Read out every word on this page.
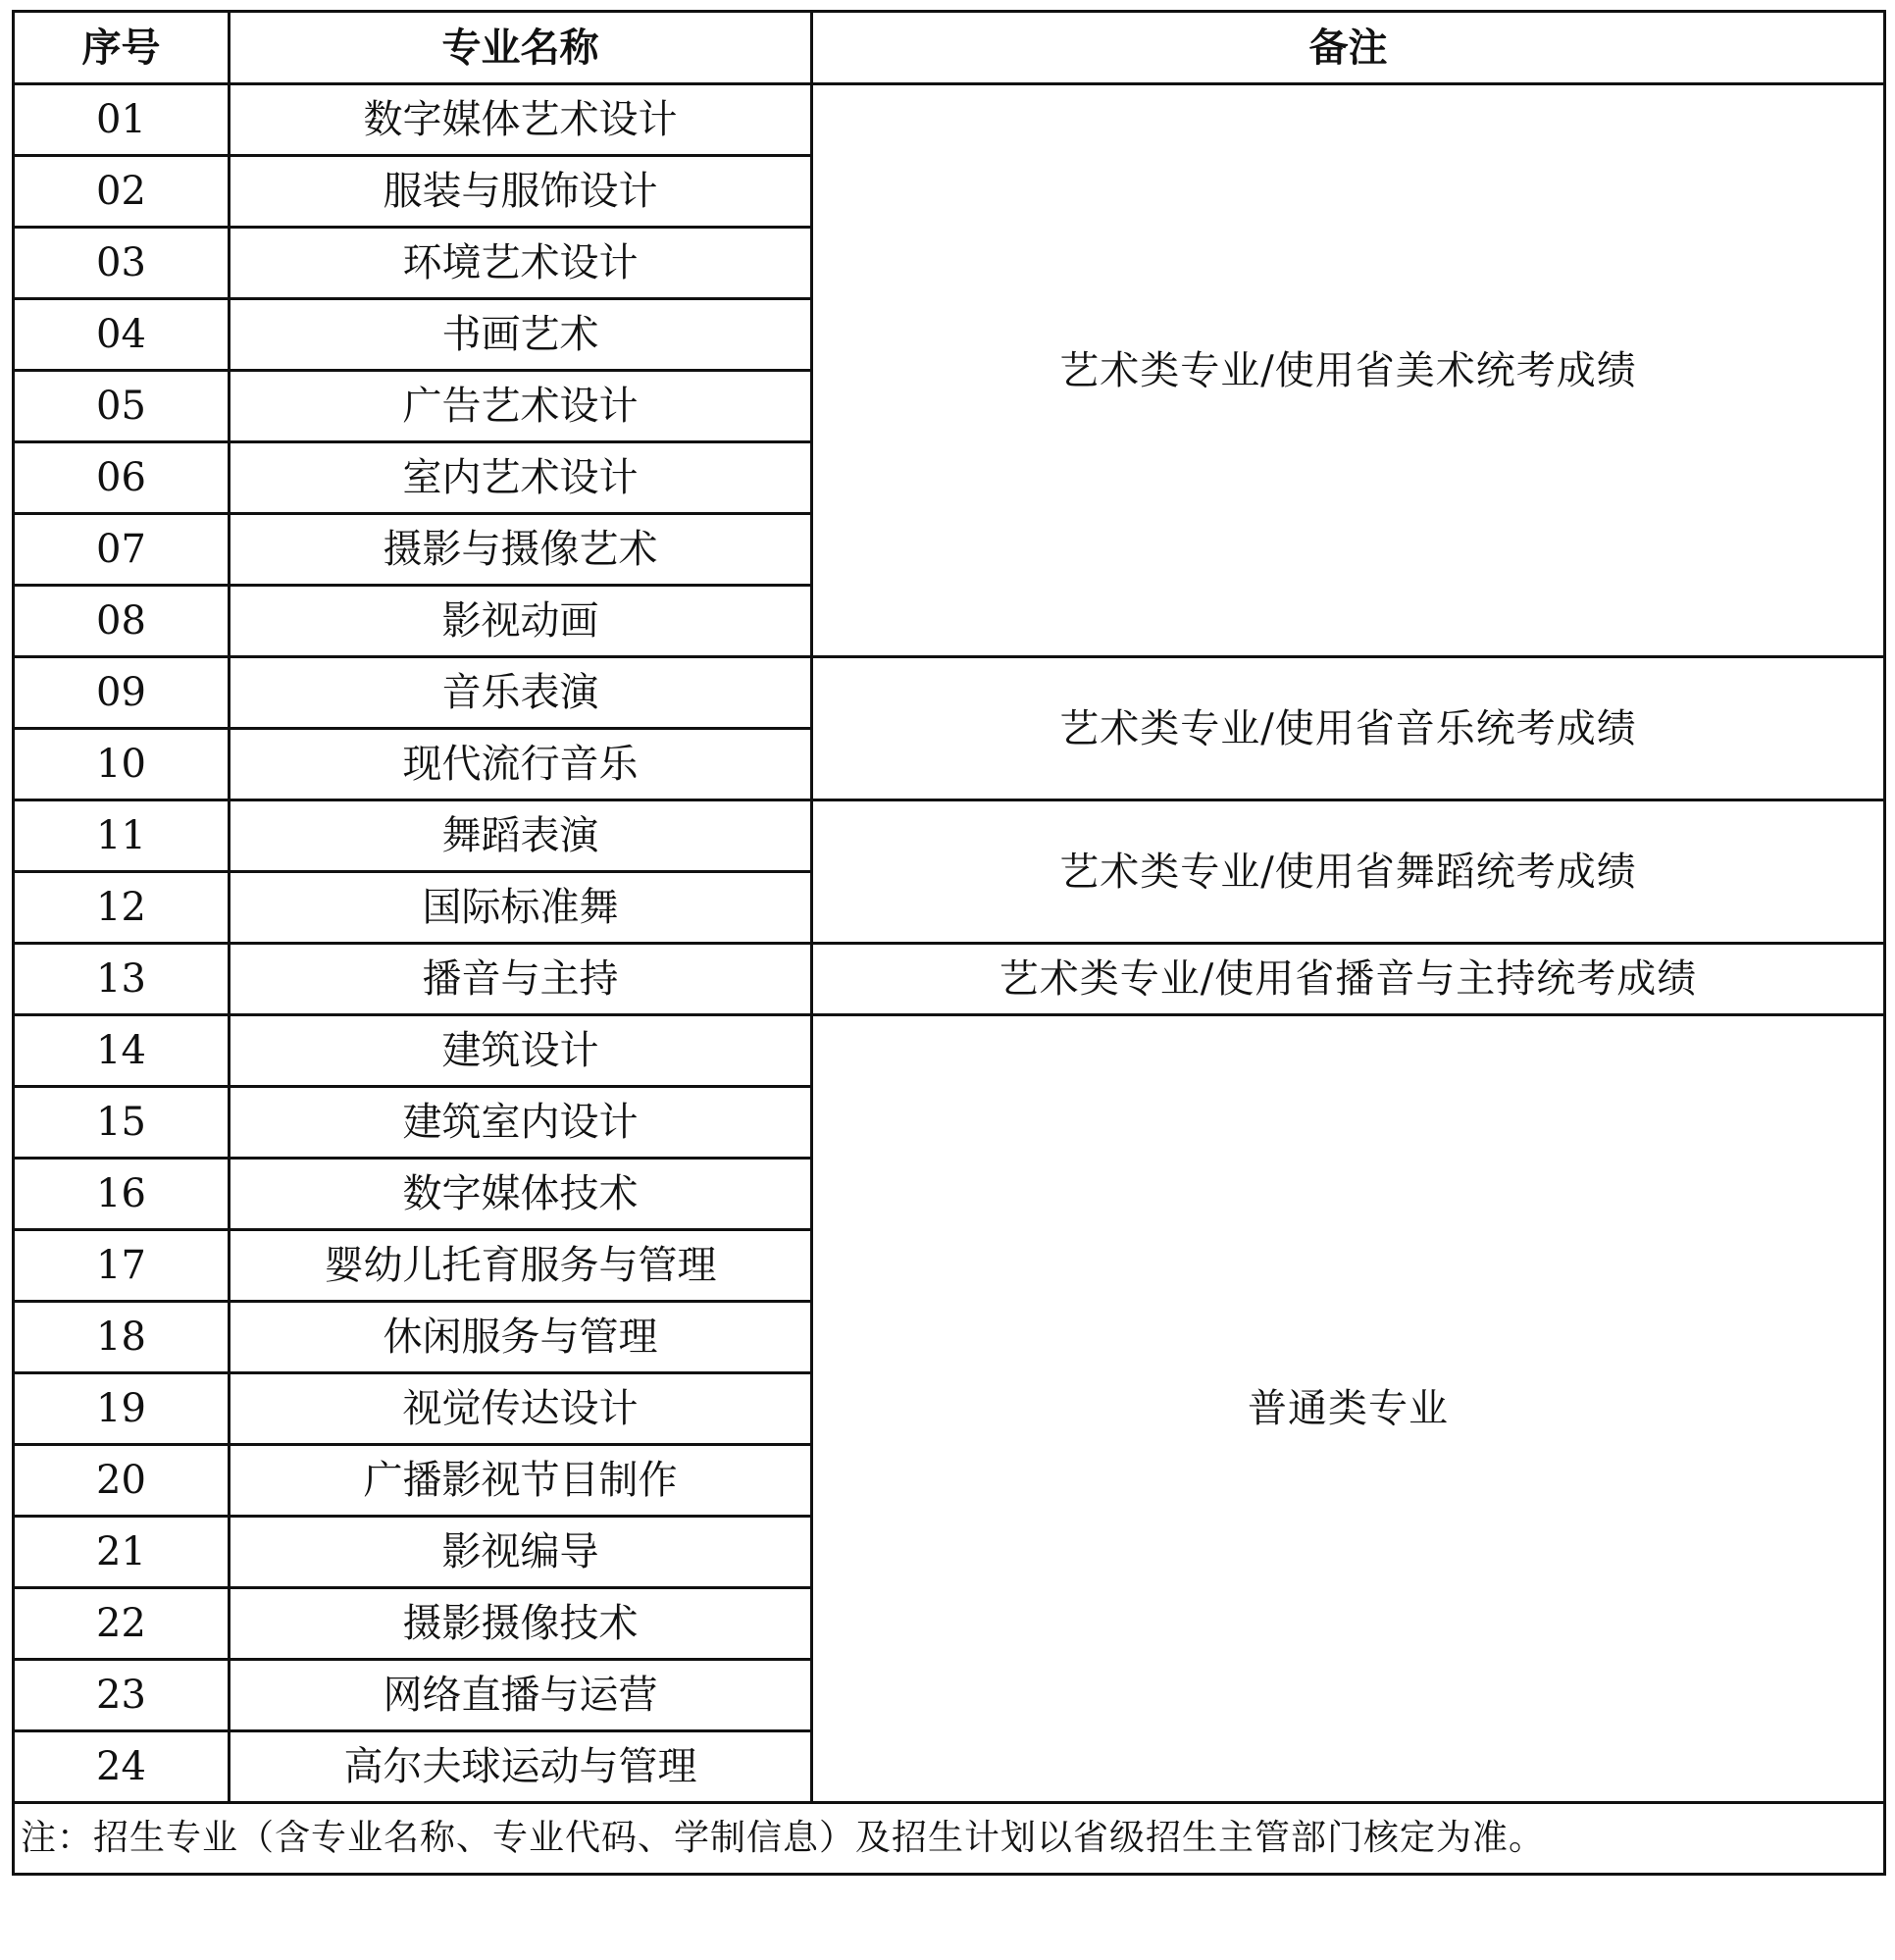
序号	专业名称	备注
01	数字媒体艺术设计	艺术类专业/使用省美术统考成绩
02	服装与服饰设计	
03	环境艺术设计	
04	书画艺术	
05	广告艺术设计	
06	室内艺术设计	
07	摄影与摄像艺术	
08	影视动画	
09	音乐表演	艺术类专业/使用省音乐统考成绩
10	现代流行音乐	
11	舞蹈表演	艺术类专业/使用省舞蹈统考成绩
12	国际标准舞	
13	播音与主持	艺术类专业/使用省播音与主持统考成绩
14	建筑设计	普通类专业
15	建筑室内设计	
16	数字媒体技术	
17	婴幼儿托育服务与管理	
18	休闲服务与管理	
19	视觉传达设计	
20	广播影视节目制作	
21	影视编导	
22	摄影摄像技术	
23	网络直播与运营	
24	高尔夫球运动与管理	
注：招生专业（含专业名称、专业代码、学制信息）及招生计划以省级招生主管部门核定为准。		
